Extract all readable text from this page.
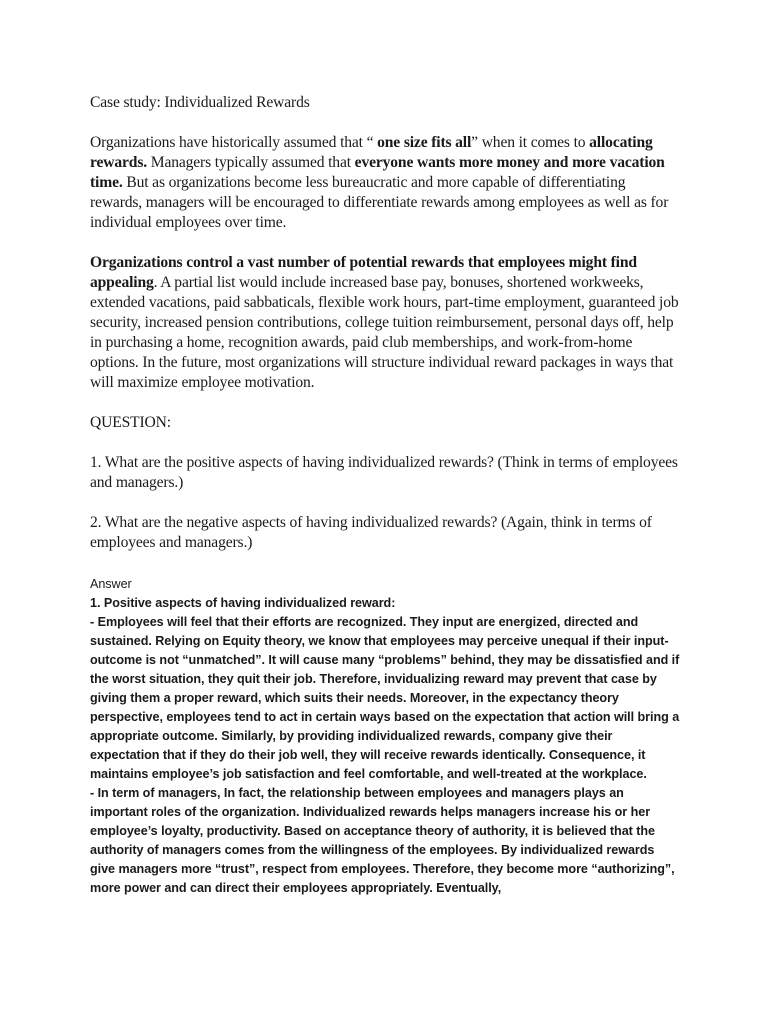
Case study: Individualized Rewards

Organizations have historically assumed that “ one size fits all” when it comes to allocating rewards. Managers typically assumed that everyone wants more money and more vacation time. But as organizations become less bureaucratic and more capable of differentiating rewards, managers will be encouraged to differentiate rewards among employees as well as for individual employees over time.

Organizations control a vast number of potential rewards that employees might find appealing. A partial list would include increased base pay, bonuses, shortened workweeks, extended vacations, paid sabbaticals, flexible work hours, part-time employment, guaranteed job security, increased pension contributions, college tuition reimbursement, personal days off, help in purchasing a home, recognition awards, paid club memberships, and work-from-home options. In the future, most organizations will structure individual reward packages in ways that will maximize employee motivation.

QUESTION:

1. What are the positive aspects of having individualized rewards? (Think in terms of employees and managers.)

2. What are the negative aspects of having individualized rewards? (Again, think in terms of employees and managers.)

Answer

1. Positive aspects of having individualized reward:

- Employees will feel that their efforts are recognized. They input are energized, directed and sustained. Relying on Equity theory, we know that employees may perceive unequal if their input-outcome is not “unmatched”. It will cause many “problems” behind, they may be dissatisfied and if the worst situation, they quit their job. Therefore, invidualizing reward may prevent that case by giving them a proper reward, which suits their needs. Moreover, in the expectancy theory perspective, employees tend to act in certain ways based on the expectation that action will bring a appropriate outcome. Similarly, by providing individualized rewards, company give their expectation that if they do their job well, they will receive rewards identically. Consequence, it maintains employee’s job satisfaction and feel comfortable, and well-treated at the workplace.

- In term of managers, In fact, the relationship between employees and managers plays an important roles of the organization. Individualized rewards helps managers increase his or her employee’s loyalty, productivity. Based on acceptance theory of authority, it is believed that the authority of managers comes from the willingness of the employees. By individualized rewards give managers more “trust”, respect from employees. Therefore, they become more “authorizing”, more power and can direct their employees appropriately. Eventually,
